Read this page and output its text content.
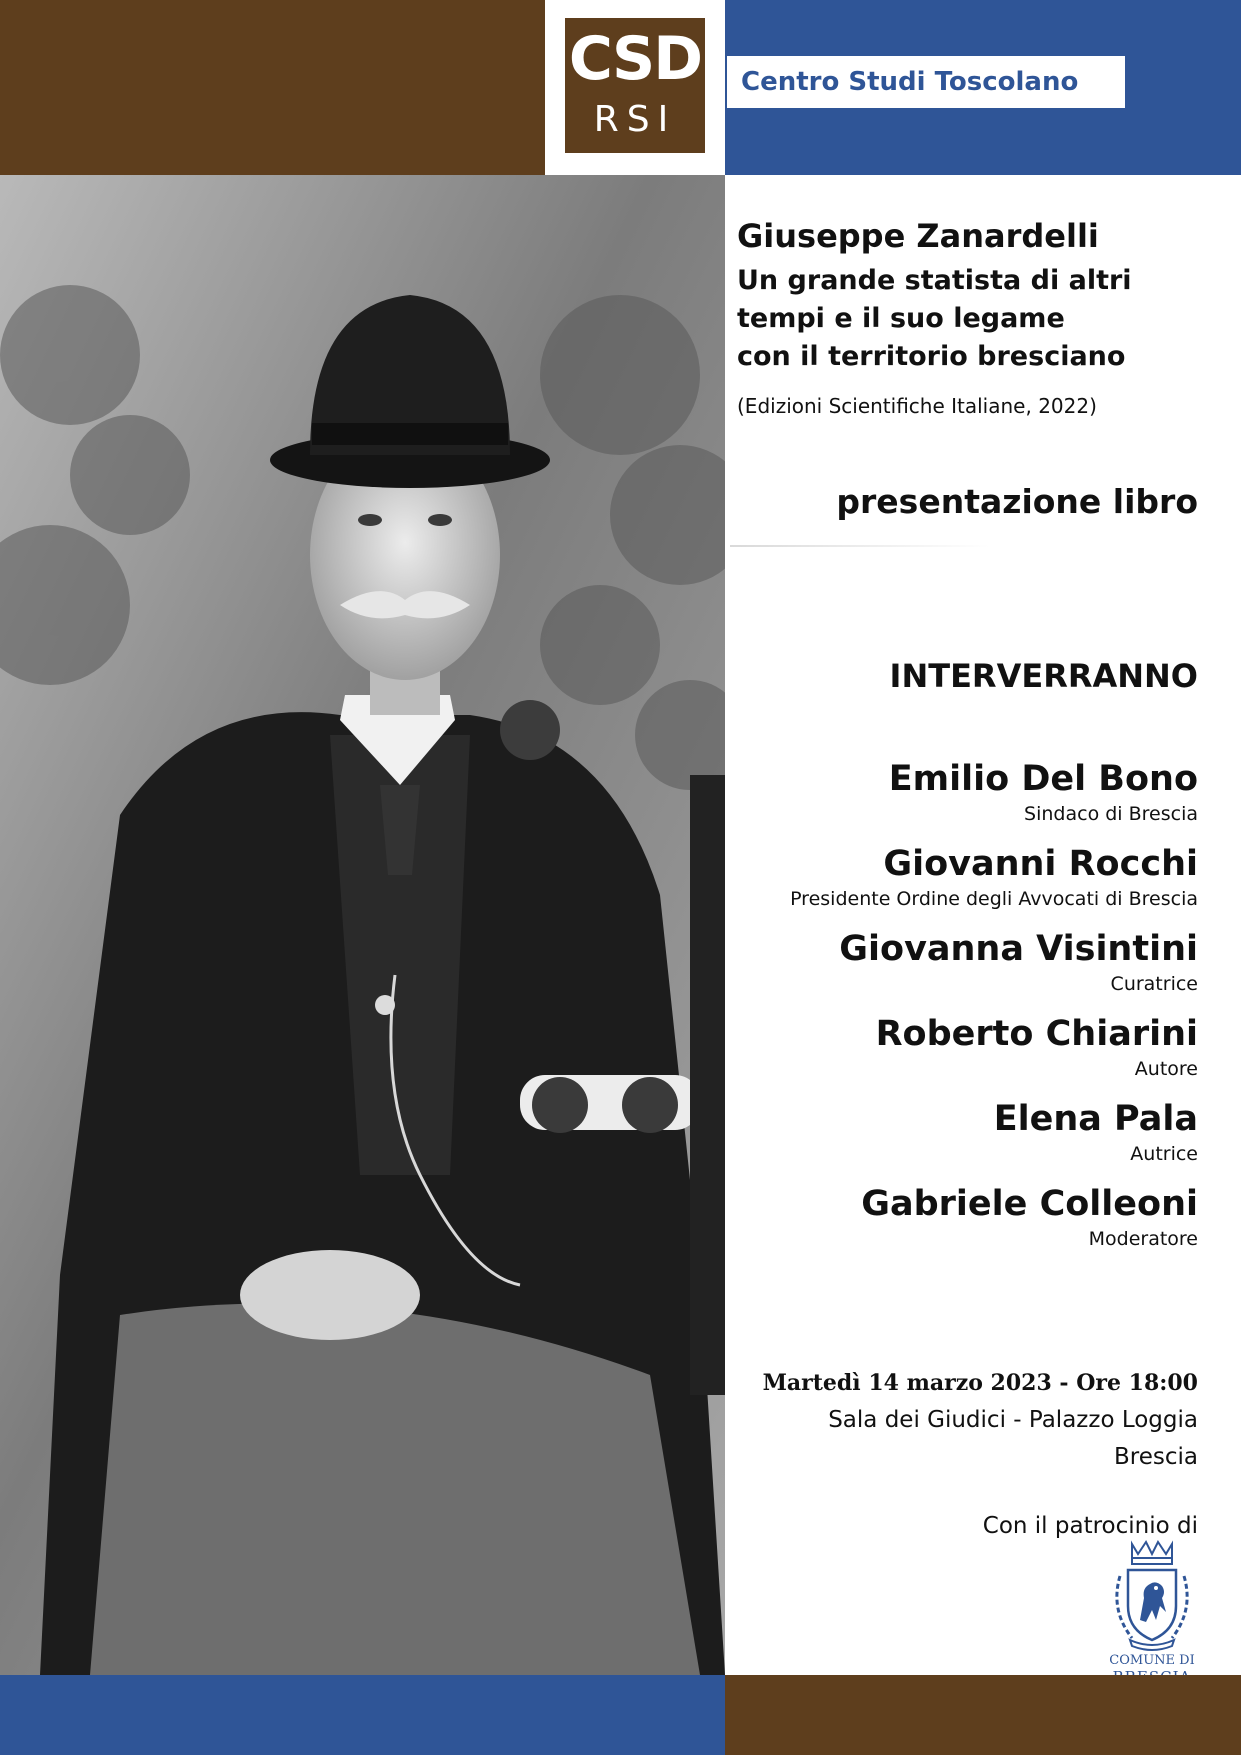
CSD
RSI
Centro Studi Toscolano
Giuseppe Zanardelli
Un grande statista di altri
tempi e il suo legame
con il territorio bresciano
(Edizioni Scientifiche Italiane, 2022)
presentazione libro
INTERVERRANNO
Emilio Del Bono
Sindaco di Brescia
Giovanni Rocchi
Presidente Ordine degli Avvocati di Brescia
Giovanna Visintini
Curatrice
Roberto Chiarini
Autore
Elena Pala
Autrice
Gabriele Colleoni
Moderatore
Martedì 14 marzo 2023 - Ore 18:00
Sala dei Giudici - Palazzo Loggia
Brescia
Con il patrocinio di
COMUNE DI
